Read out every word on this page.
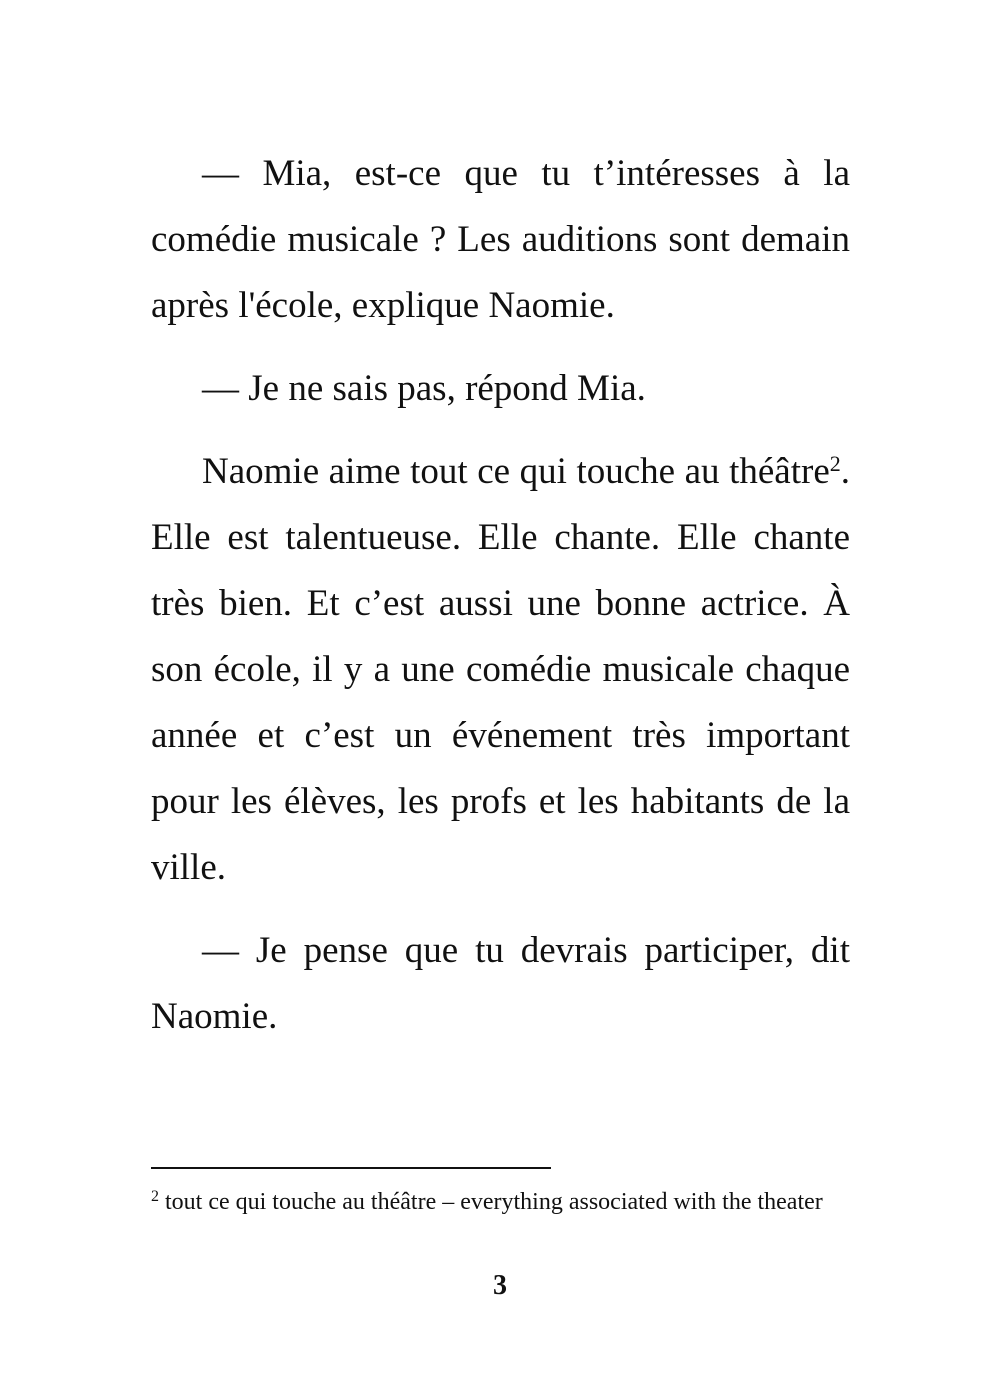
— Mia, est-ce que tu t’intéresses à la comédie musicale ? Les auditions sont demain après l'école, explique Naomie.

— Je ne sais pas, répond Mia.

Naomie aime tout ce qui touche au théâtre$^2$. Elle est talentueuse. Elle chante. Elle chante très bien. Et c’est aussi une bonne actrice. À son école, il y a une comédie musicale chaque année et c’est un événement très important pour les élèves, les profs et les habitants de la ville.

— Je pense que tu devrais participer, dit Naomie.

$^2$ tout ce qui touche au théâtre – everything associated with the theater

3
